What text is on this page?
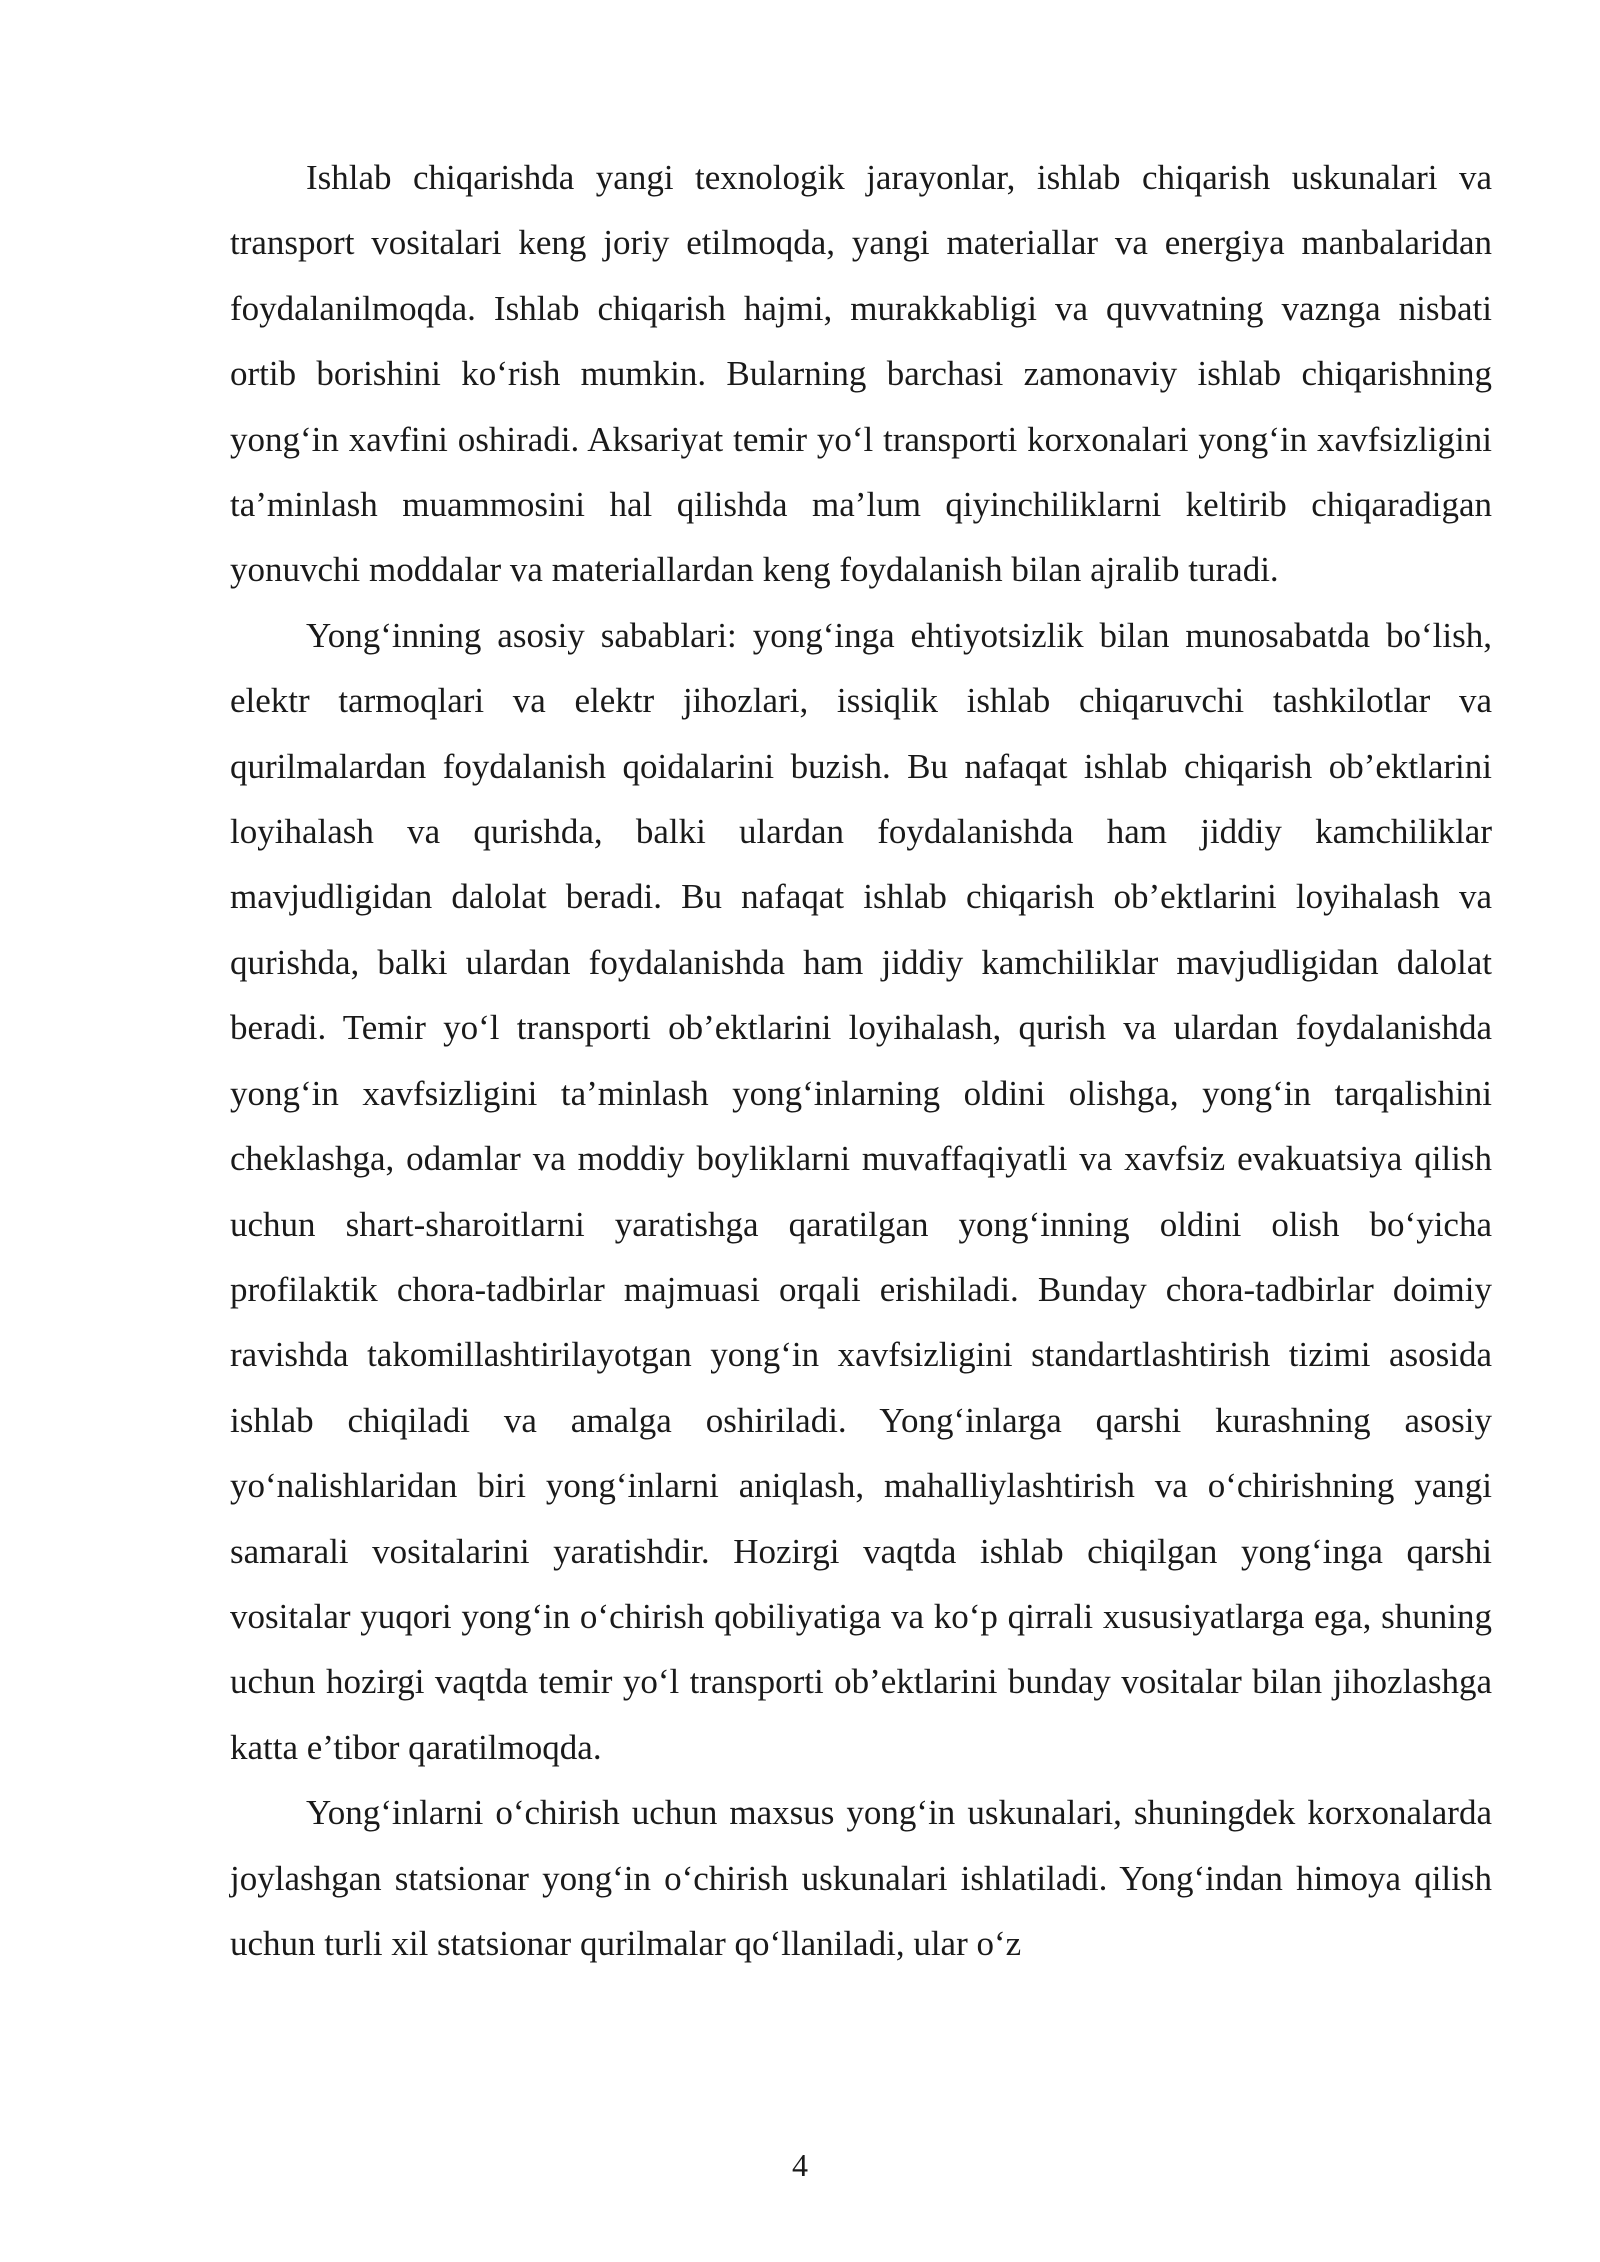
Ishlab chiqarishda yangi texnologik jarayonlar, ishlab chiqarish uskunalari va transport vositalari keng joriy etilmoqda, yangi materiallar va energiya manbalaridan foydalanilmoqda. Ishlab chiqarish hajmi, murakkabligi va quvvatning vaznga nisbati ortib borishini ko‘rish mumkin. Bularning barchasi zamonaviy ishlab chiqarishning yong‘in xavfini oshiradi. Aksariyat temir yo‘l transporti korxonalari yong‘in xavfsizligini ta’minlash muammosini hal qilishda ma’lum qiyinchiliklarni keltirib chiqaradigan yonuvchi moddalar va materiallardan keng foydalanish bilan ajralib turadi.

Yong‘inning asosiy sabablari: yong‘inga ehtiyotsizlik bilan munosabatda bo‘lish, elektr tarmoqlari va elektr jihozlari, issiqlik ishlab chiqaruvchi tashkilotlar va qurilmalardan foydalanish qoidalarini buzish. Bu nafaqat ishlab chiqarish ob’ektlarini loyihalash va qurishda, balki ulardan foydalanishda ham jiddiy kamchiliklar mavjudligidan dalolat beradi. Bu nafaqat ishlab chiqarish ob’ektlarini loyihalash va qurishda, balki ulardan foydalanishda ham jiddiy kamchiliklar mavjudligidan dalolat beradi. Temir yo‘l transporti ob’ektlarini loyihalash, qurish va ulardan foydalanishda yong‘in xavfsizligini ta’minlash yong‘inlarning oldini olishga, yong‘in tarqalishini cheklashga, odamlar va moddiy boyliklarni muvaffaqiyatli va xavfsiz evakuatsiya qilish uchun shart-sharoitlarni yaratishga qaratilgan yong‘inning oldini olish bo‘yicha profilaktik chora-tadbirlar majmuasi orqali erishiladi. Bunday chora-tadbirlar doimiy ravishda takomillashtirilayotgan yong‘in xavfsizligini standartlashtirish tizimi asosida ishlab chiqiladi va amalga oshiriladi. Yong‘inlarga qarshi kurashning asosiy yo‘nalishlaridan biri yong‘inlarni aniqlash, mahalliylashtirish va o‘chirishning yangi samarali vositalarini yaratishdir. Hozirgi vaqtda ishlab chiqilgan yong‘inga qarshi vositalar yuqori yong‘in o‘chirish qobiliyatiga va ko‘p qirrali xususiyatlarga ega, shuning uchun hozirgi vaqtda temir yo‘l transporti ob’ektlarini bunday vositalar bilan jihozlashga katta e’tibor qaratilmoqda.

Yong‘inlarni o‘chirish uchun maxsus yong‘in uskunalari, shuningdek korxonalarda joylashgan statsionar yong‘in o‘chirish uskunalari ishlatiladi. Yong‘indan himoya qilish uchun turli xil statsionar qurilmalar qo‘llaniladi, ular o‘z

4
